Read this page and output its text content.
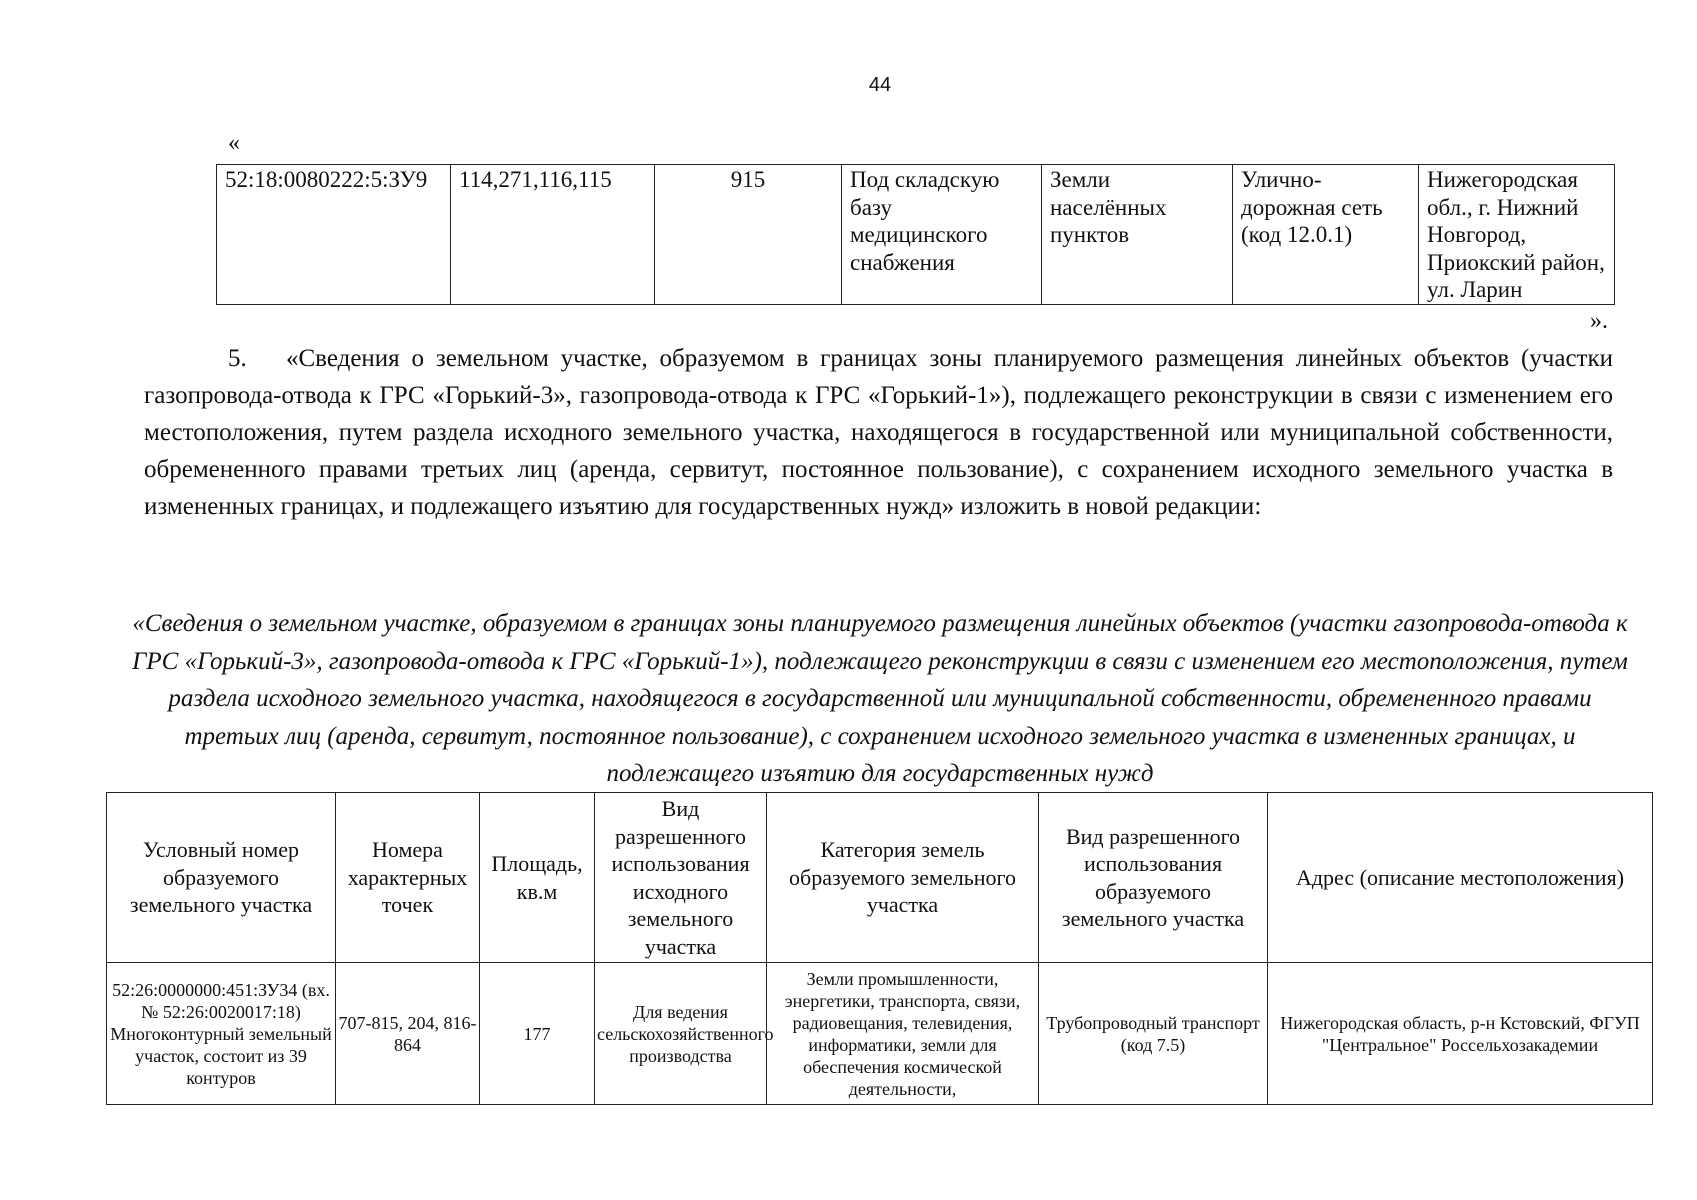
44
«
52:18:0080222:5:ЗУ9	114,271,116,115	915	Под складскую базу медицинского снабжения	Земли населённых пунктов	Улично-дорожная сеть (код 12.0.1)	Нижегородская обл., г. Нижний Новгород, Приокский район, ул. Ларин
».

5. «Сведения о земельном участке, образуемом в границах зоны планируемого размещения линейных объектов (участки газопровода-отвода к ГРС «Горький-3», газопровода-отвода к ГРС «Горький-1»), подлежащего реконструкции в связи с изменением его местоположения, путем раздела исходного земельного участка, находящегося в государственной или муниципальной собственности, обремененного правами третьих лиц (аренда, сервитут, постоянное пользование), с сохранением исходного земельного участка в измененных границах, и подлежащего изъятию для государственных нужд» изложить в новой редакции:

«Сведения о земельном участке, образуемом в границах зоны планируемого размещения линейных объектов (участки газопровода-отвода к ГРС «Горький-3», газопровода-отвода к ГРС «Горький-1»), подлежащего реконструкции в связи с изменением его местоположения, путем раздела исходного земельного участка, находящегося в государственной или муниципальной собственности, обремененного правами третьих лиц (аренда, сервитут, постоянное пользование), с сохранением исходного земельного участка в измененных границах, и подлежащего изъятию для государственных нужд

Условный номер образуемого земельного участка	Номера характерных точек	Площадь, кв.м	Вид разрешенного использования исходного земельного участка	Категория земель образуемого земельного участка	Вид разрешенного использования образуемого земельного участка	Адрес (описание местоположения)
52:26:0000000:451:ЗУ34 (вх.№ 52:26:0020017:18) Многоконтурный земельный участок, состоит из 39 контуров	707-815, 204, 816-864	177	Для ведения сельскохозяйственного производства	Земли промышленности, энергетики, транспорта, связи, радиовещания, телевидения, информатики, земли для обеспечения космической деятельности,	Трубопроводный транспорт (код 7.5)	Нижегородская область, р-н Кстовский, ФГУП "Центральное" Россельхозакадемии
